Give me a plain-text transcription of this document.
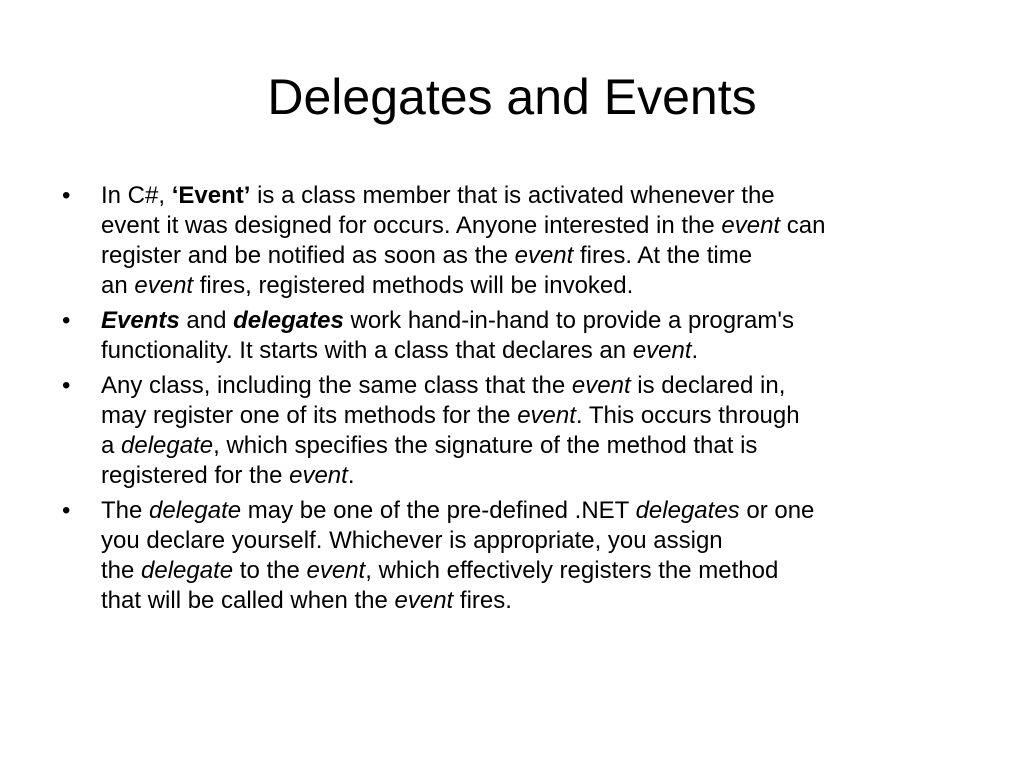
Delegates and Events
• In C#, ‘Event’ is a class member that is activated whenever the
event it was designed for occurs. Anyone interested in the event can
register and be notified as soon as the event fires. At the time
an event fires, registered methods will be invoked.
• Events and delegates work hand-in-hand to provide a program's
functionality. It starts with a class that declares an event.
• Any class, including the same class that the event is declared in,
may register one of its methods for the event. This occurs through
a delegate, which specifies the signature of the method that is
registered for the event.
• The delegate may be one of the pre-defined .NET delegates or one
you declare yourself. Whichever is appropriate, you assign
the delegate to the event, which effectively registers the method
that will be called when the event fires.
